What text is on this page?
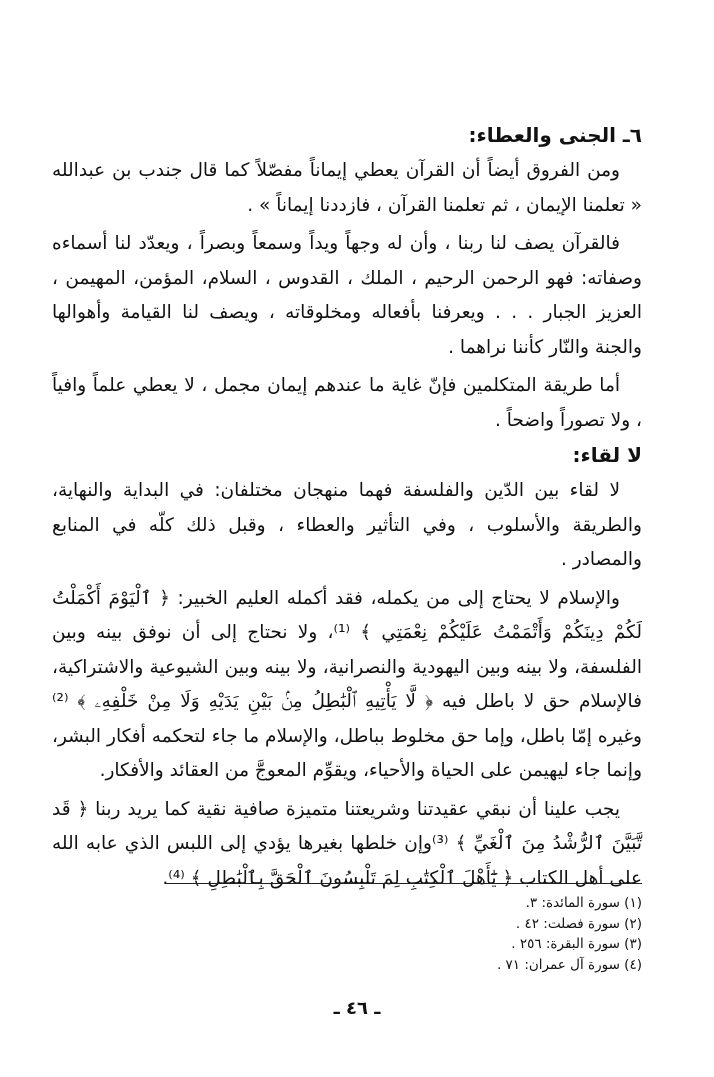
٦ـ الجنى والعطاء:

ومن الفروق أيضاً أن القرآن يعطي إيماناً مفصّلاً كما قال جندب بن عبدالله « تعلمنا الإيمان ، ثم تعلمنا القرآن ، فازددنا إيماناً » .

فالقرآن يصف لنا ربنا ، وأن له وجهاً ويداً وسمعاً وبصراً ، ويعدّد لنا أسماءه وصفاته: فهو الرحمن الرحيم ، الملك ، القدوس ، السلام، المؤمن، المهيمن ، العزيز الجبار . . . ويعرفنا بأفعاله ومخلوقاته ، ويصف لنا القيامة وأهوالها والجنة والنّار كأننا نراهما .

أما طريقة المتكلمين فإنّ غاية ما عندهم إيمان مجمل ، لا يعطي علماً وافياً ، ولا تصوراً واضحاً .

لا لقاء:

لا لقاء بين الدّين والفلسفة فهما منهجان مختلفان: في البداية والنهاية، والطريقة والأسلوب ، وفي التأثير والعطاء ، وقبل ذلك كلّه في المنابع والمصادر .

والإسلام لا يحتاج إلى من يكمله، فقد أكمله العليم الخبير: ﴿ ٱلْيَوْمَ أَكْمَلْتُ لَكُمْ دِينَكُمْ وَأَتْمَمْتُ عَلَيْكُمْ نِعْمَتِي ﴾ ⁽¹⁾، ولا نحتاج إلى أن نوفق بينه وبين الفلسفة، ولا بينه وبين اليهودية والنصرانية، ولا بينه وبين الشيوعية والاشتراكية، فالإسلام حق لا باطل فيه ﴿ لَّا يَأْتِيهِ ٱلْبَٰطِلُ مِنۢ بَيْنِ يَدَيْهِ وَلَا مِنْ خَلْفِهِۦ ﴾ ⁽²⁾ وغيره إمّا باطل، وإما حق مخلوط بباطل، والإسلام ما جاء لتحكمه أفكار البشر، وإنما جاء ليهيمن على الحياة والأحياء، ويقوِّم المعوجَّ من العقائد والأفكار.

يجب علينا أن نبقي عقيدتنا وشريعتنا متميزة صافية نقية كما يريد ربنا ﴿ قَد تَّبَيَّنَ ٱلرُّشْدُ مِنَ ٱلْغَيِّ ﴾ ⁽³⁾وإن خلطها بغيرها يؤدي إلى اللبس الذي عابه الله على أهل الكتاب ﴿ يَٰٓأَهْلَ ٱلْكِتَٰبِ لِمَ تَلْبِسُونَ ٱلْحَقَّ بِٱلْبَٰطِلِ ﴾ ⁽⁴⁾.

(١) سورة المائدة: ٣.
(٢) سورة فصلت: ٤٢ .
(٣) سورة البقرة: ٢٥٦ .
(٤) سورة آل عمران: ٧١ .
ـ ٤٦ ـ
